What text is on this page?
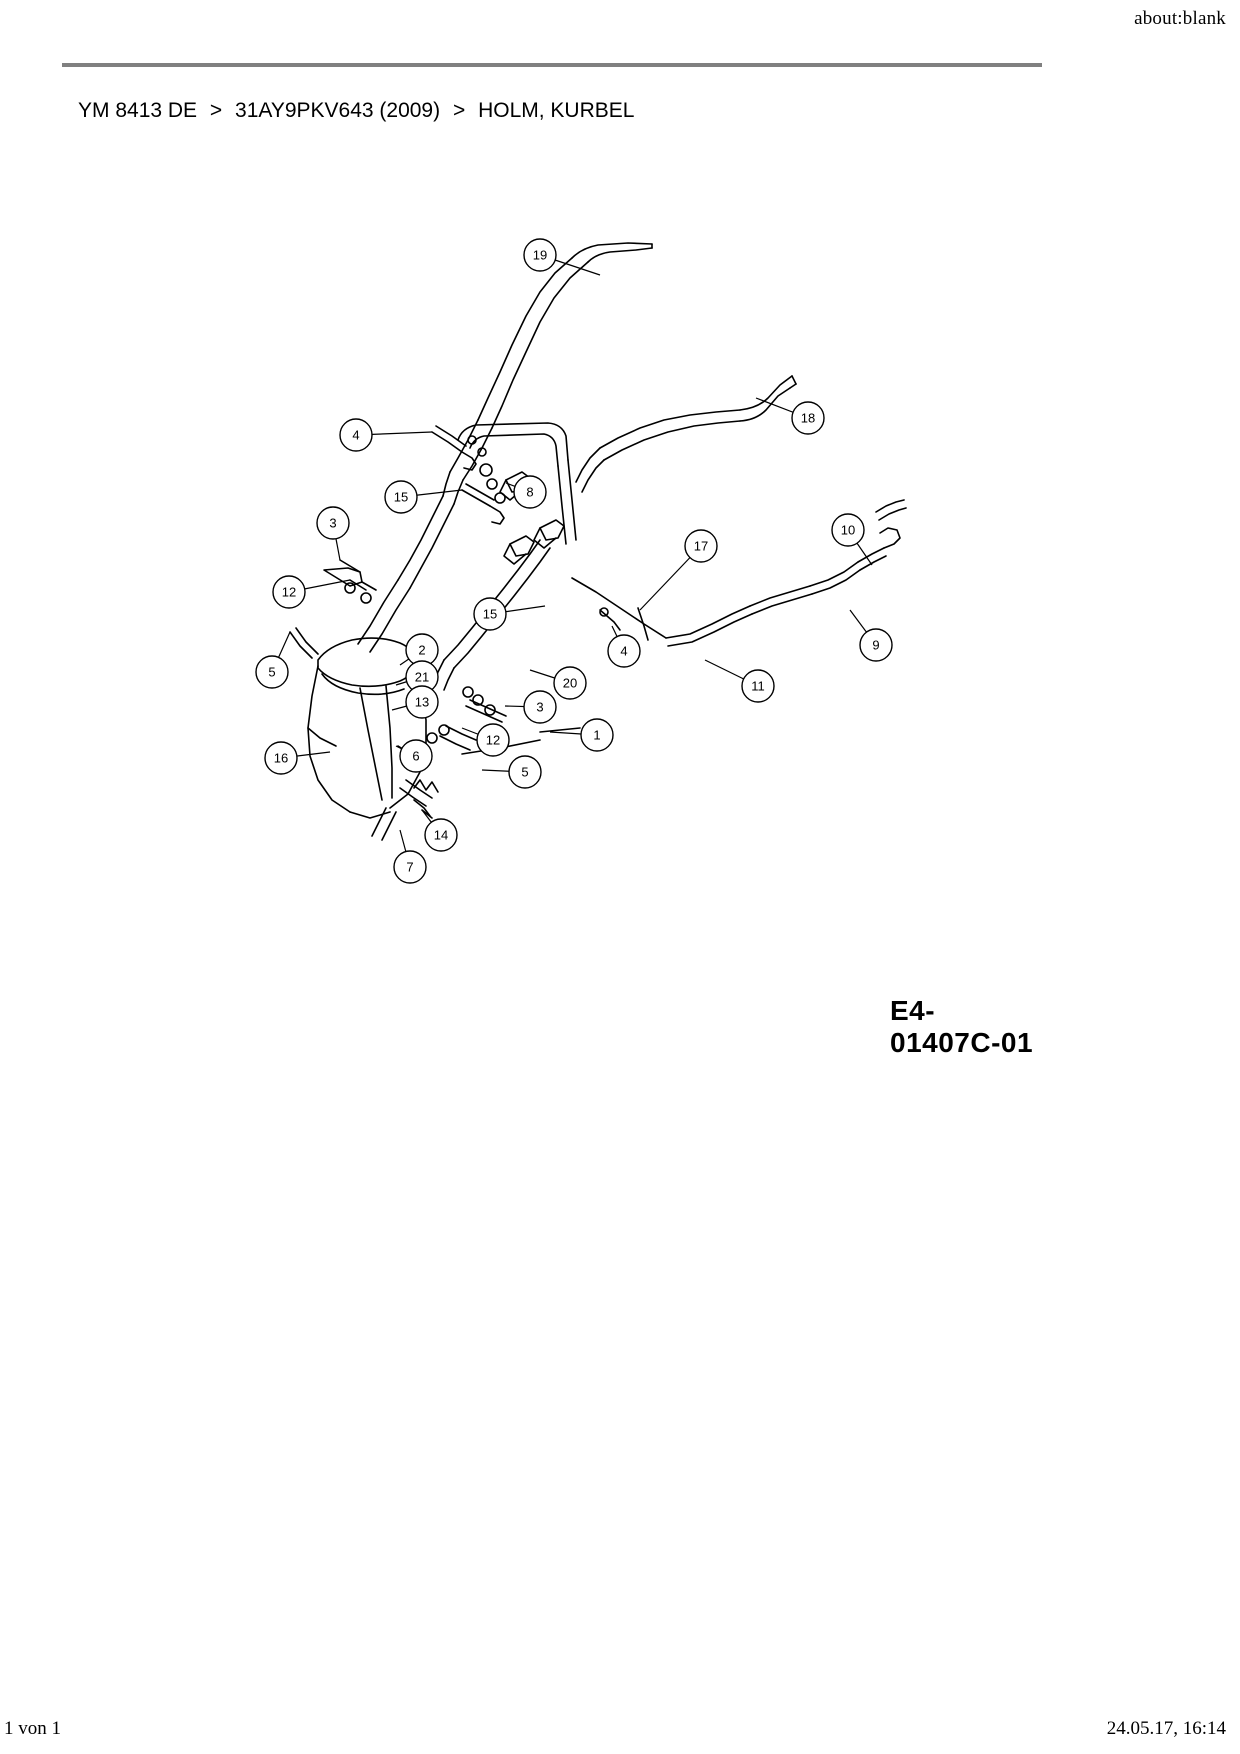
about:blank
YM 8413 DE > 31AY9PKV643 (2009) > HOLM, KURBEL
19
18
4
15	8
3
12
5
15
17
10
9
11
4
2
21
13
20
3
12	1
16	6
5
14
7
E4-01407C-01
1 von 1	24.05.17, 16:14
